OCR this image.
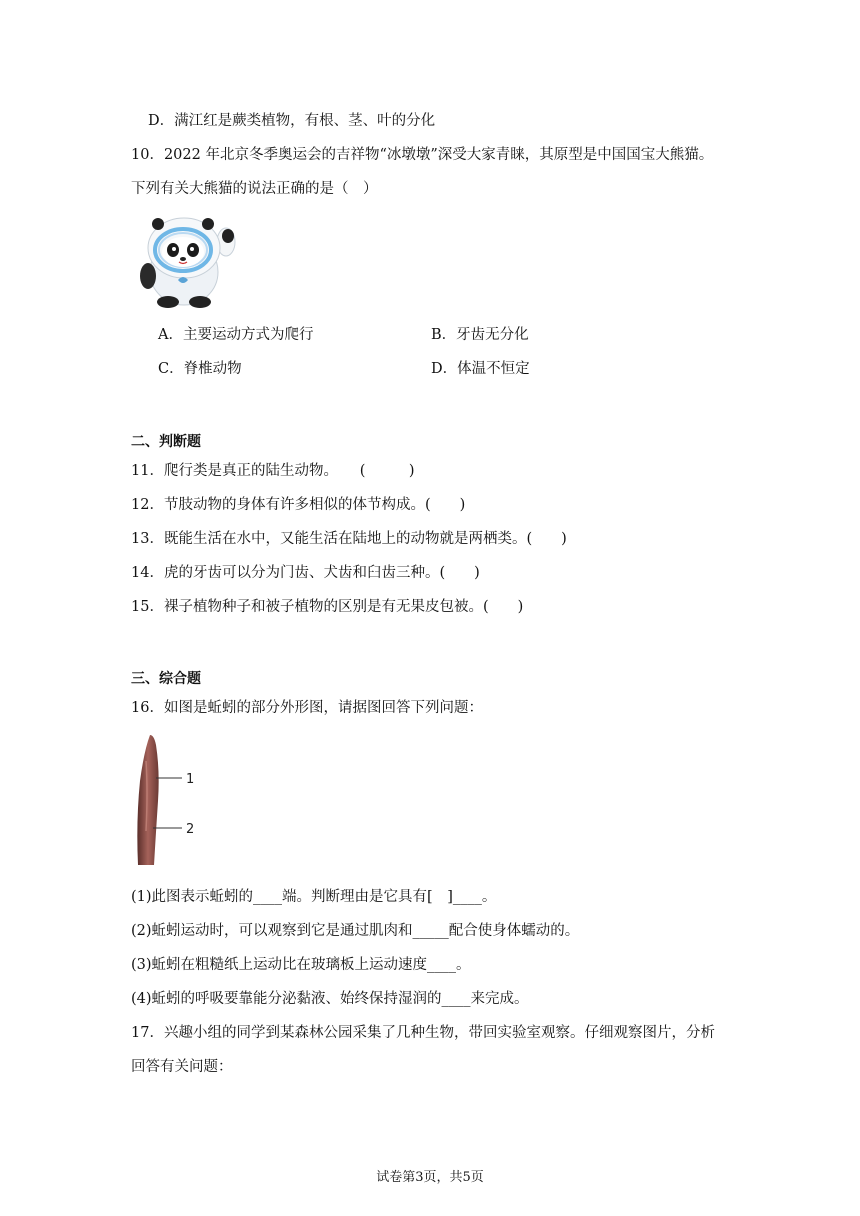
D．满江红是蕨类植物，有根、茎、叶的分化
10．2022 年北京冬季奥运会的吉祥物“冰墩墩”深受大家青睐，其原型是中国国宝大熊猫。
下列有关大熊猫的说法正确的是（　）
A．主要运动方式为爬行	B．牙齿无分化
C．脊椎动物	D．体温不恒定
二、判断题
11．爬行类是真正的陆生动物。　　(　　　)
12．节肢动物的身体有许多相似的体节构成。(　　)
13．既能生活在水中，又能生活在陆地上的动物就是两栖类。(　　)
14．虎的牙齿可以分为门齿、犬齿和臼齿三种。(　　)
15．裸子植物种子和被子植物的区别是有无果皮包被。(　　)
三、综合题
16．如图是蚯蚓的部分外形图，请据图回答下列问题：
1
2
(1)此图表示蚯蚓的____端。判断理由是它具有[　]____。
(2)蚯蚓运动时，可以观察到它是通过肌肉和_____配合使身体蠕动的。
(3)蚯蚓在粗糙纸上运动比在玻璃板上运动速度____。
(4)蚯蚓的呼吸要靠能分泌黏液、始终保持湿润的____来完成。
17．兴趣小组的同学到某森林公园采集了几种生物，带回实验室观察。仔细观察图片，分析
回答有关问题：
试卷第3页，共5页
